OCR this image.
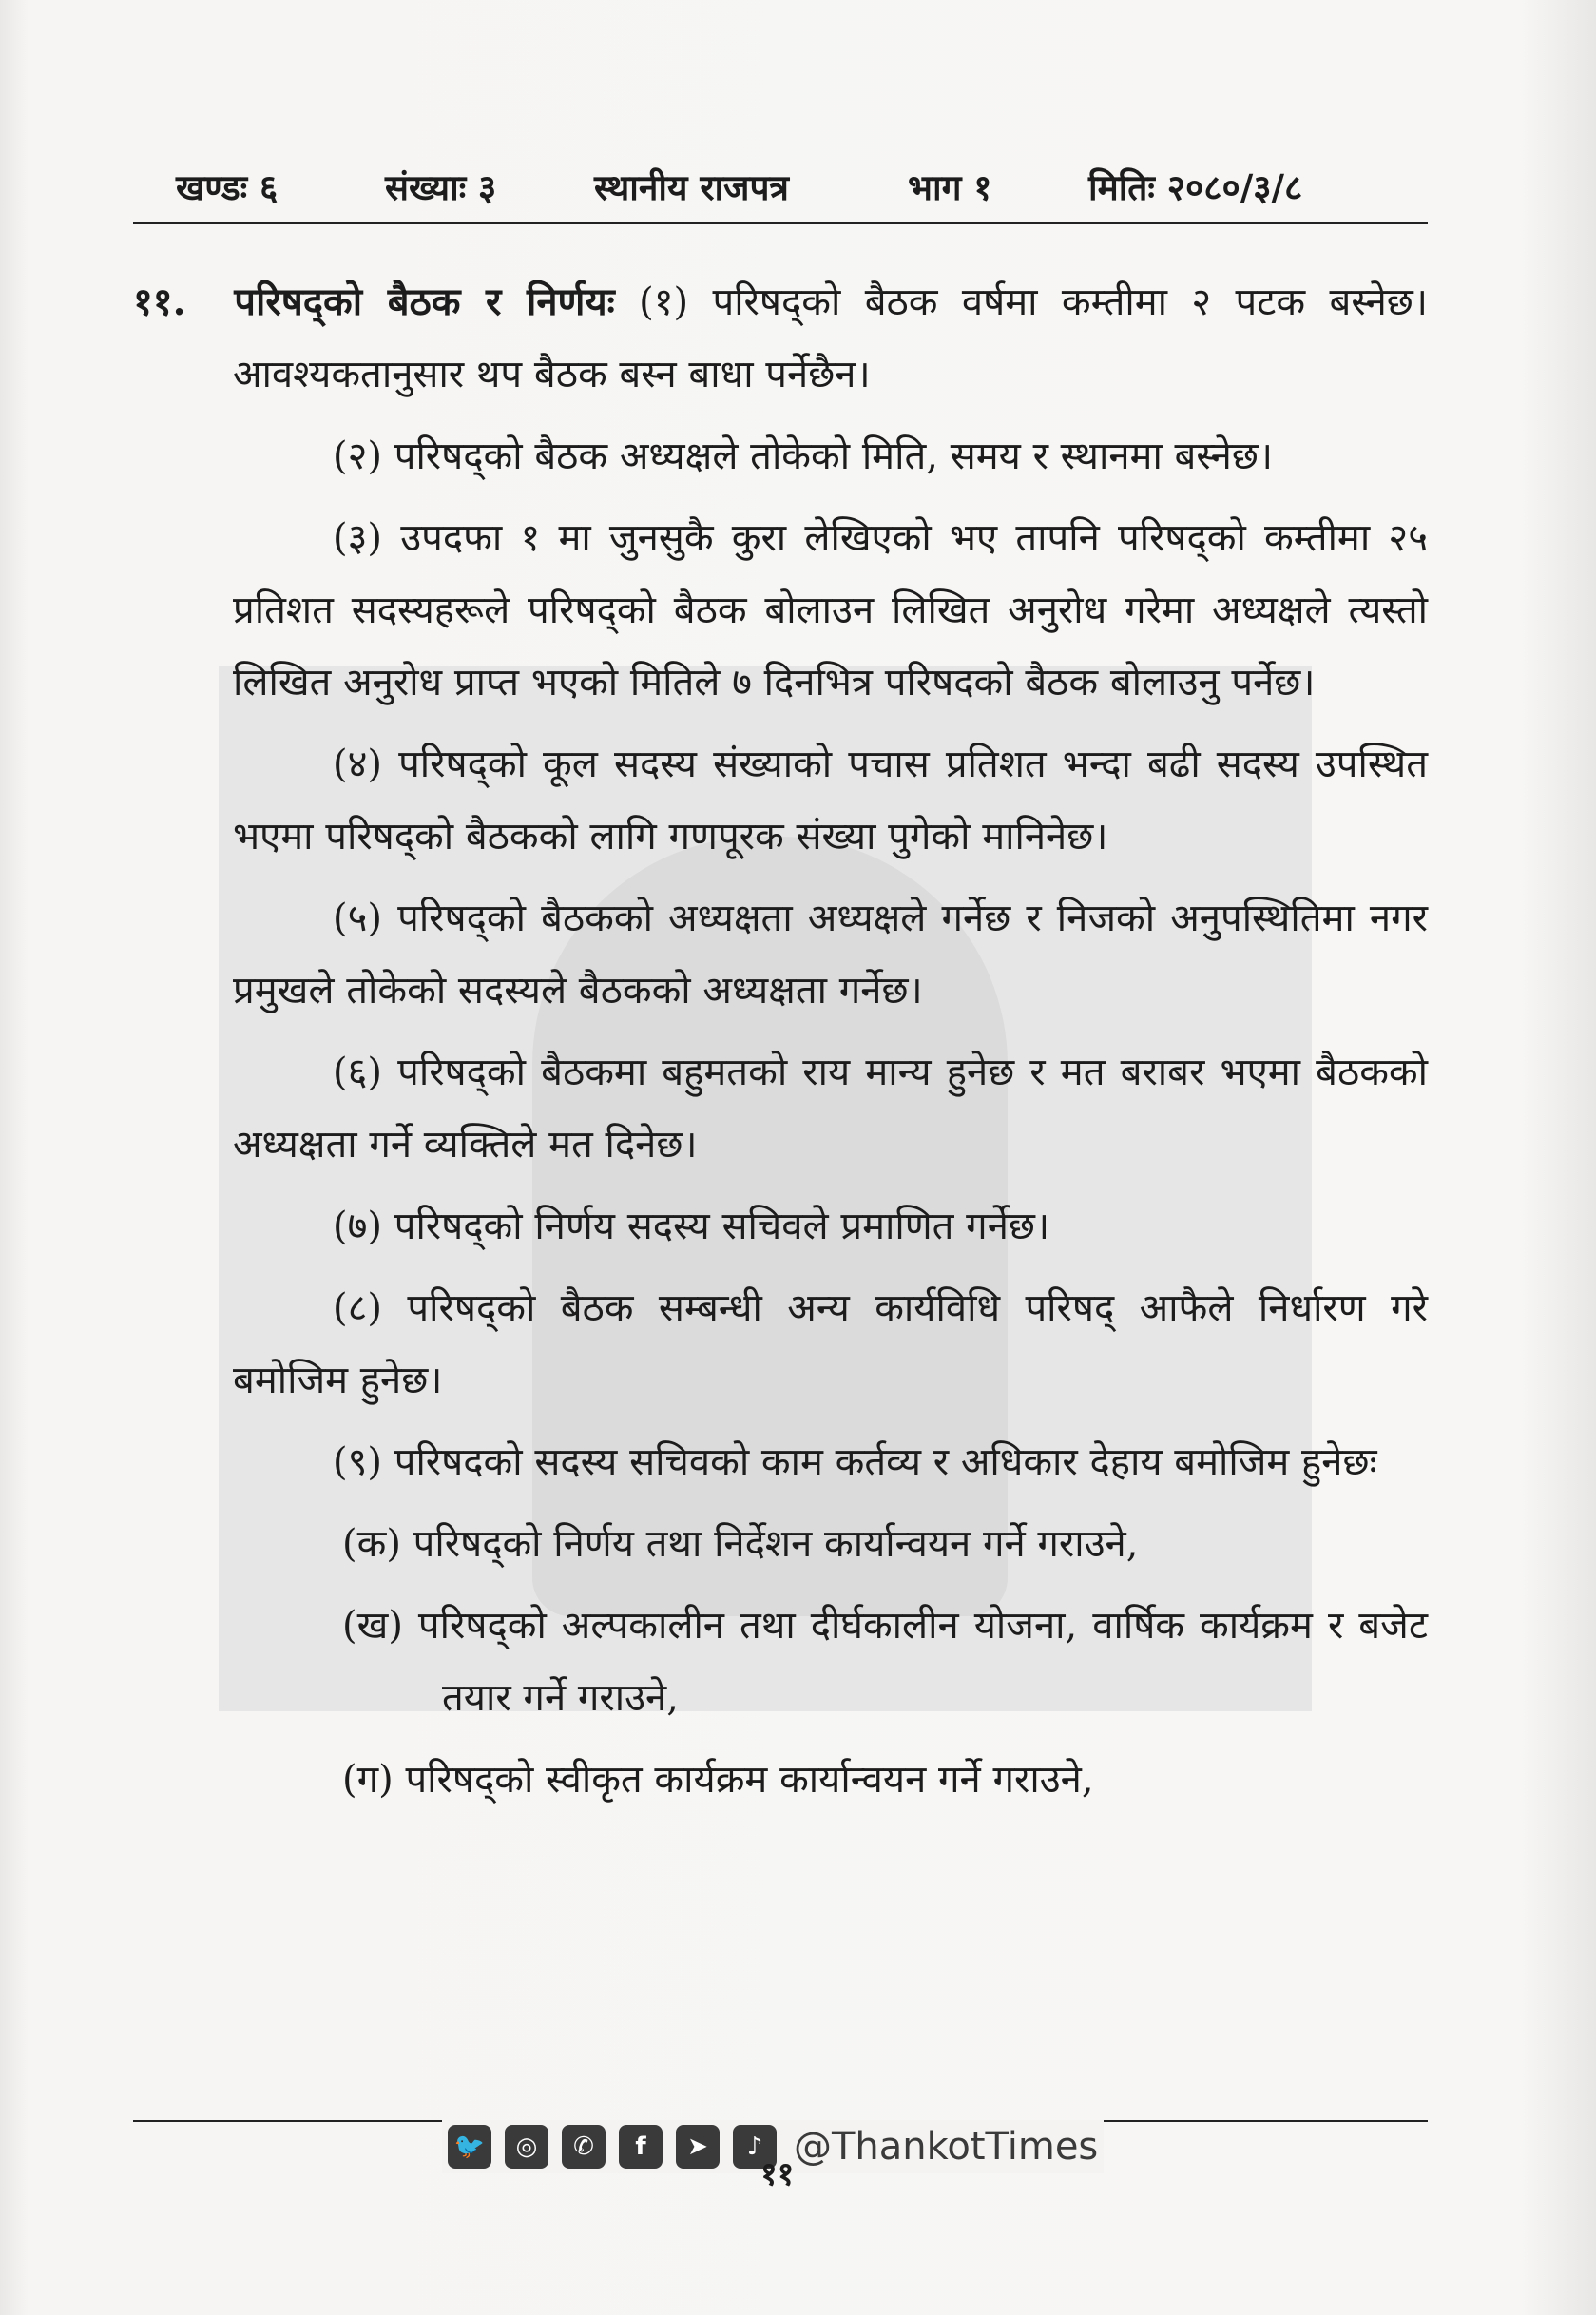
खण्डः ६	संख्याः ३	स्थानीय राजपत्र	भाग १	मितिः २०८०/३/८

११. परिषद्को बैठक र निर्णयः (१) परिषद्को बैठक वर्षमा कम्तीमा २ पटक बस्नेछ। आवश्यकतानुसार थप बैठक बस्न बाधा पर्नेछैन।

(२) परिषद्को बैठक अध्यक्षले तोकेको मिति, समय र स्थानमा बस्नेछ।

(३) उपदफा १ मा जुनसुकै कुरा लेखिएको भए तापनि परिषद्को कम्तीमा २५ प्रतिशत सदस्यहरूले परिषद्को बैठक बोलाउन लिखित अनुरोध गरेमा अध्यक्षले त्यस्तो लिखित अनुरोध प्राप्त भएको मितिले ७ दिनभित्र परिषदको बैठक बोलाउनु पर्नेछ।

(४) परिषद्को कूल सदस्य संख्याको पचास प्रतिशत भन्दा बढी सदस्य उपस्थित भएमा परिषद्को बैठकको लागि गणपूरक संख्या पुगेको मानिनेछ।

(५) परिषद्को बैठकको अध्यक्षता अध्यक्षले गर्नेछ र निजको अनुपस्थितिमा नगर प्रमुखले तोकेको सदस्यले बैठकको अध्यक्षता गर्नेछ।

(६) परिषद्को बैठकमा बहुमतको राय मान्य हुनेछ र मत बराबर भएमा बैठकको अध्यक्षता गर्ने व्यक्तिले मत दिनेछ।

(७) परिषद्को निर्णय सदस्य सचिवले प्रमाणित गर्नेछ।

(८) परिषद्को बैठक सम्बन्धी अन्य कार्यविधि परिषद् आफैले निर्धारण गरे बमोजिम हुनेछ।

(९) परिषदको सदस्य सचिवको काम कर्तव्य र अधिकार देहाय बमोजिम हुनेछः

(क) परिषद्को निर्णय तथा निर्देशन कार्यान्वयन गर्ने गराउने,

(ख) परिषद्को अल्पकालीन तथा दीर्घकालीन योजना, वार्षिक कार्यक्रम र बजेट तयार गर्ने गराउने,

(ग) परिषद्को स्वीकृत कार्यक्रम कार्यान्वयन गर्ने गराउने,

🐦	◎	✆	f	➤	♪ @ThankotTimes
११
